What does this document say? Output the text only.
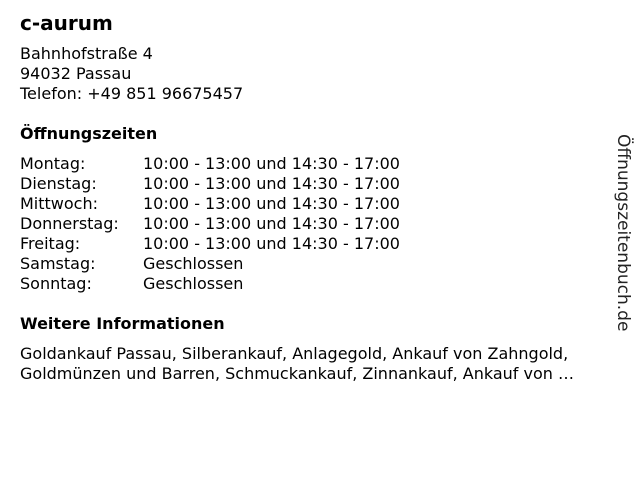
c-aurum
Bahnhofstraße 4
94032 Passau
Telefon: +49 851 96675457
Öffnungszeiten
Montag:	10:00 - 13:00 und 14:30 - 17:00
Dienstag:	10:00 - 13:00 und 14:30 - 17:00
Mittwoch:	10:00 - 13:00 und 14:30 - 17:00
Donnerstag:	10:00 - 13:00 und 14:30 - 17:00
Freitag:	10:00 - 13:00 und 14:30 - 17:00
Samstag:	Geschlossen
Sonntag:	Geschlossen
Weitere Informationen
Goldankauf Passau, Silberankauf, Anlagegold, Ankauf von Zahngold,
Goldmünzen und Barren, Schmuckankauf, Zinnankauf, Ankauf von …
Öffnungszeitenbuch.de
